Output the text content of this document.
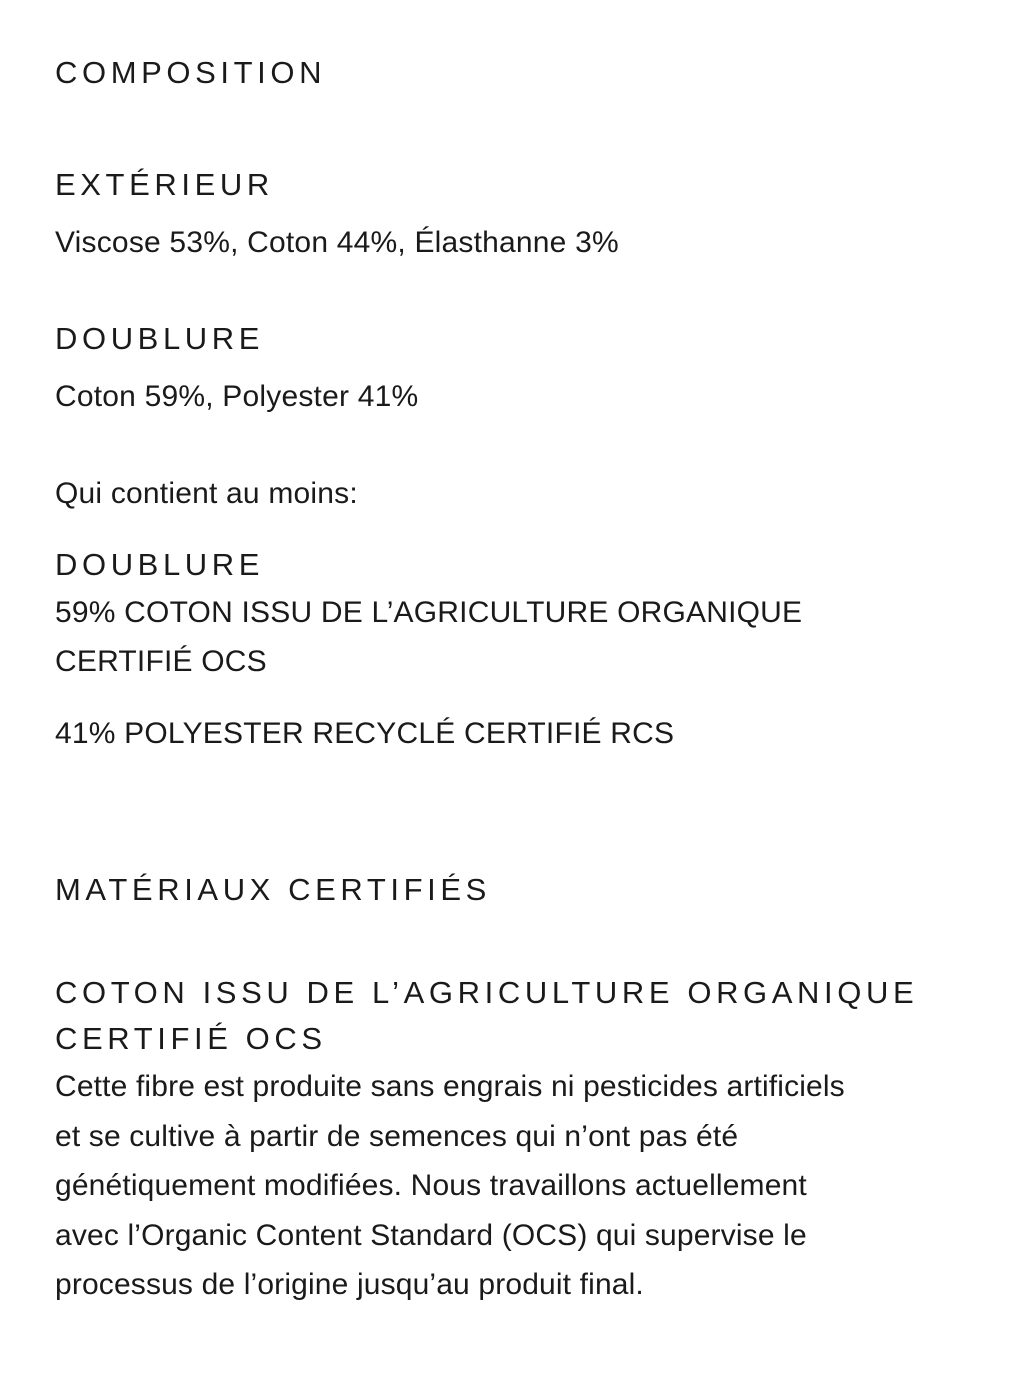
COMPOSITION
EXTÉRIEUR

Viscose 53%, Coton 44%, Élasthanne 3%

DOUBLURE

Coton 59%, Polyester 41%

Qui contient au moins:

DOUBLURE

59% COTON ISSU DE L’AGRICULTURE ORGANIQUE

CERTIFIÉ OCS

41% POLYESTER RECYCLÉ CERTIFIÉ RCS

MATÉRIAUX CERTIFIÉS
COTON ISSU DE L’AGRICULTURE ORGANIQUE
CERTIFIÉ OCS
Cette fibre est produite sans engrais ni pesticides artificiels
et se cultive à partir de semences qui n’ont pas été
génétiquement modifiées. Nous travaillons actuellement
avec l’Organic Content Standard (OCS) qui supervise le
processus de l’origine jusqu’au produit final.
